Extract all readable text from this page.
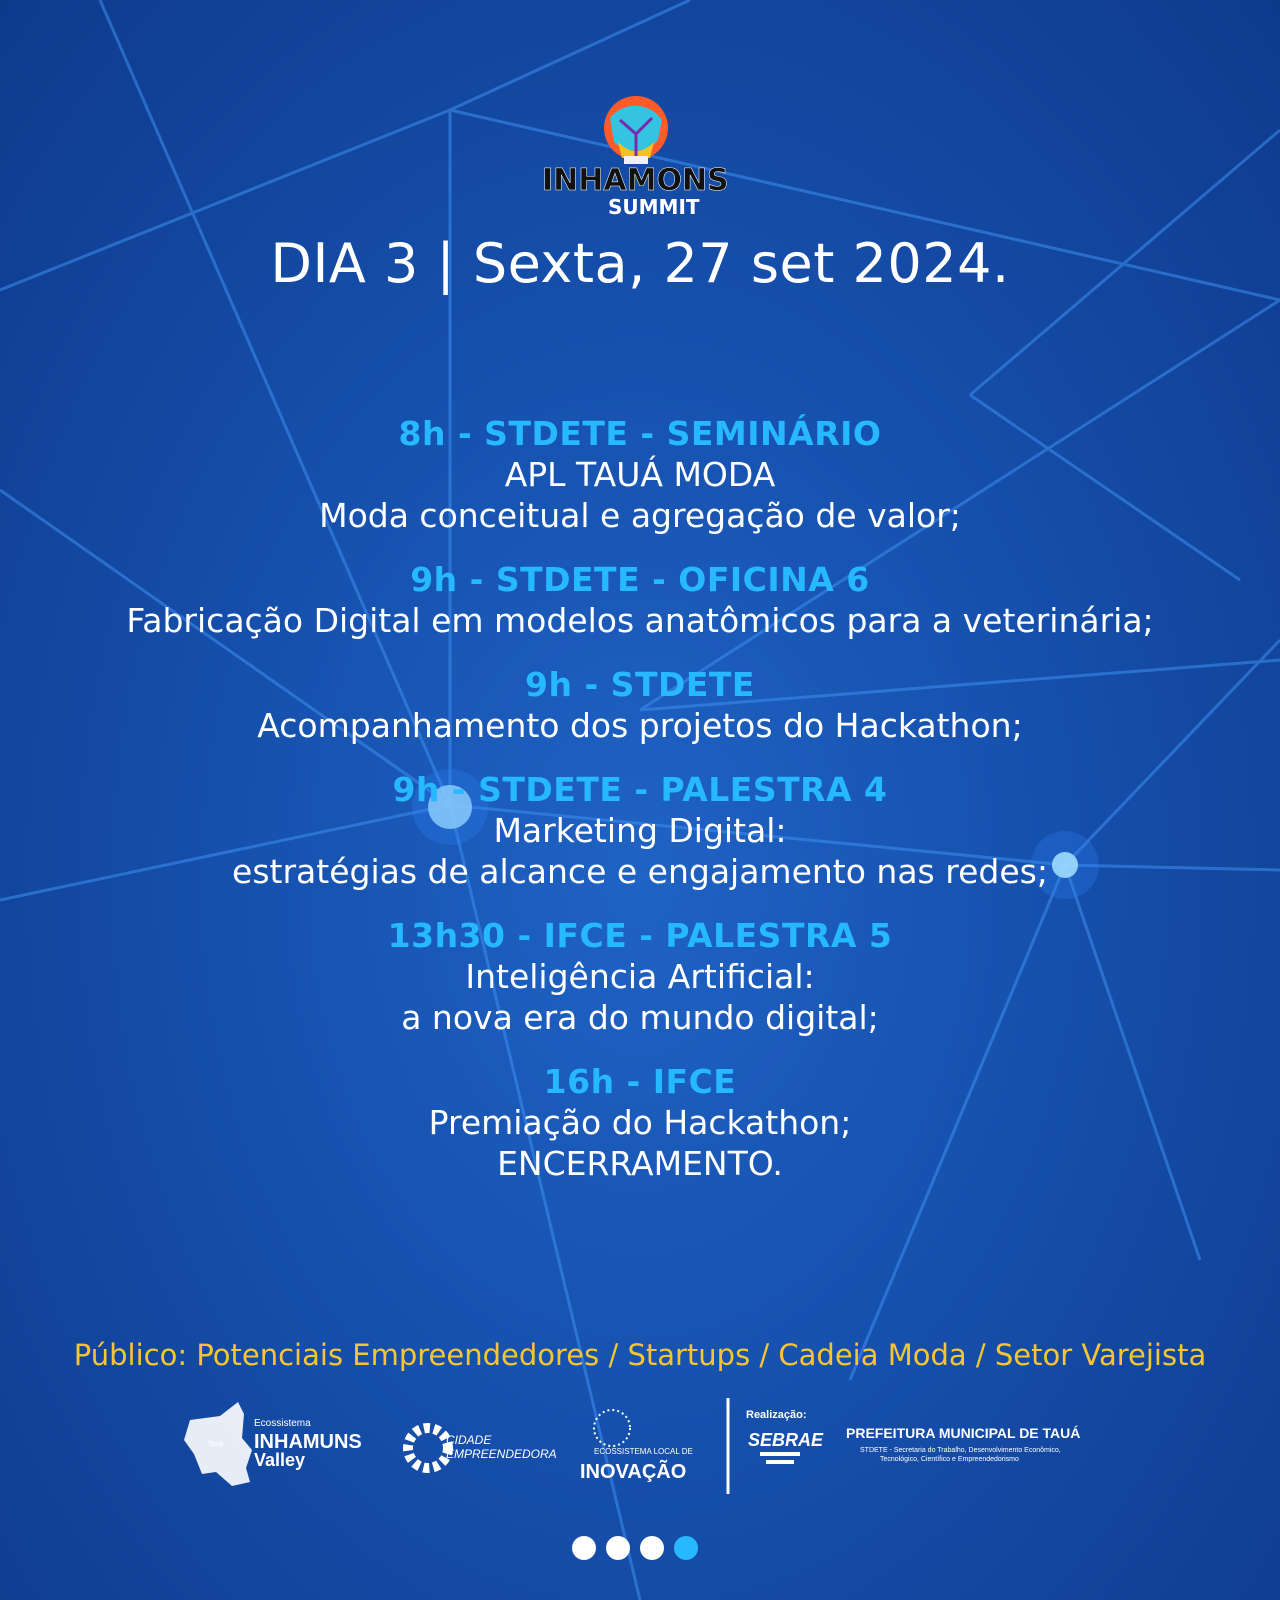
INHAMONS
SUMMIT
DIA 3 | Sexta, 27 set 2024.
8h - STDETE - SEMINÁRIO
APL TAUÁ MODA
Moda conceitual e agregação de valor;
9h - STDETE - OFICINA 6
Fabricação Digital em modelos anatômicos para a veterinária;
9h - STDETE
Acompanhamento dos projetos do Hackathon;
9h - STDETE - PALESTRA 4
Marketing Digital:
estratégias de alcance e engajamento nas redes;
13h30 - IFCE - PALESTRA 5
Inteligência Artificial:
a nova era do mundo digital;
16h - IFCE
Premiação do Hackathon;
ENCERRAMENTO.
Público: Potenciais Empreendedores / Startups / Cadeia Moda / Setor Varejista
Tauá
Ecossistema
INHAMUNS
Valley
CIDADE
EMPREENDEDORA	ECOSSISTEMA LOCAL DE
INOVAÇÃO
Realização:
SEBRAE PREFEITURA MUNICIPAL DE TAUÁ
STDETE - Secretaria do Trabalho, Desenvolvimento Econômico,
Tecnológico, Científico e Empreendedorismo
